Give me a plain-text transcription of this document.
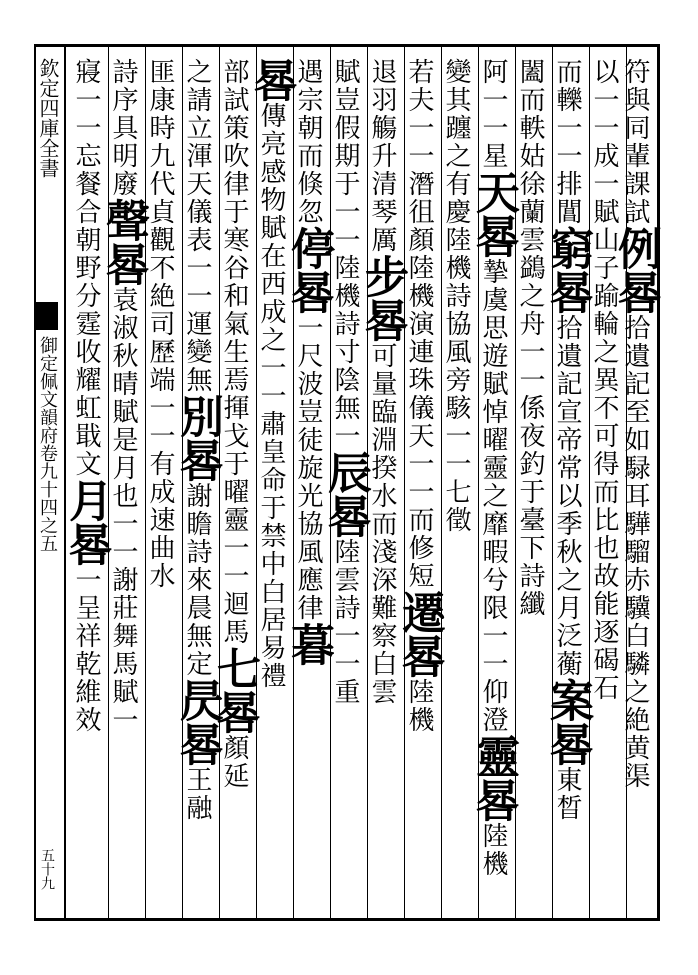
欽定四庫全書
御定佩文韻府卷九十四之五
五十九
符與同輩課試例晷拾遺記至如騄耳驊騮赤驥白驎之絶黄渠
以一一成一賦山子踰輪之異不可得而比也故能逐碣石
而轢一一排閶窮晷拾遺記宣帝常以季秋之月泛蘅案晷東晳
闔而軼姑徐蘭雲鷁之舟一一係夜釣于臺下詩纖
阿一一星天晷摯虞思遊賦悼曜靈之靡暇兮限一一仰澄靈晷陸機
變其躔之有慶陸機詩協風旁駭一一七徵
若夫一一潛徂顏陸機演連珠儀天一一而修短遷晷陸機
退羽觴升清琴厲步晷可量臨淵揆水而淺深難察白雲
賦豈假期于一一陸機詩寸陰無一辰晷陸雲詩一一重
遇宗朝而倏忽停晷一尺波豈徒旋光協風應律暮
晷傳亮感物賦在西成之一一肅皇命于禁中白居易禮
部試策吹律于寒谷和氣生焉揮戈于曜靈一一迴馬七晷顏延
之請立渾天儀表一一運變無別晷謝瞻詩來晨無定昃晷王融
匪康時九代貞觀不絶司歷端一一有成速曲水
詩序具明廢聲晷袁淑秋晴賦是月也一一謝莊舞馬賦一
寢一一忘餐合朝野分霆收耀虹戢文月晷一呈祥乾維效
